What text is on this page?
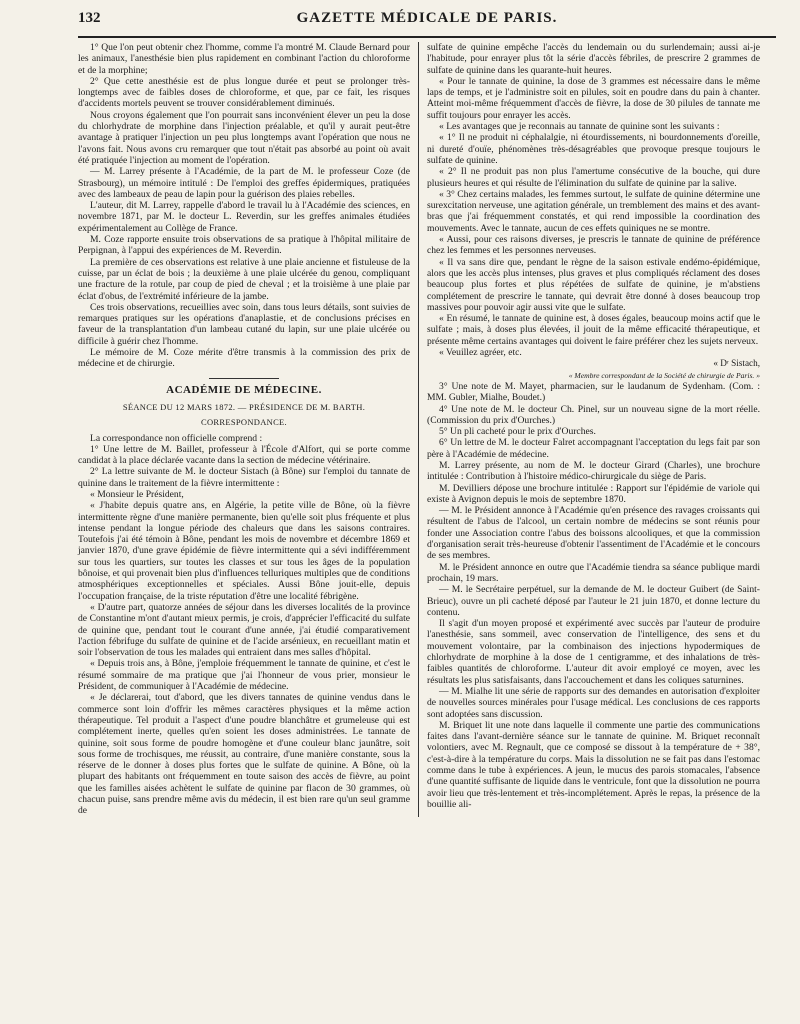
132	GAZETTE MÉDICALE DE PARIS.

1° Que l'on peut obtenir chez l'homme, comme l'a montré M. Claude Bernard pour les animaux, l'anesthésie bien plus rapidement en combinant l'action du chloroforme et de la morphine;

2° Que cette anesthésie est de plus longue durée et peut se prolonger très-longtemps avec de faibles doses de chloroforme, et que, par ce fait, les risques d'accidents mortels peuvent se trouver considérablement diminués.

Nous croyons également que l'on pourrait sans inconvénient élever un peu la dose du chlorhydrate de morphine dans l'injection préalable, et qu'il y aurait peut-être avantage à pratiquer l'injection un peu plus longtemps avant l'opération que nous ne l'avons fait. Nous avons cru remarquer que tout n'était pas absorbé au point où avait été pratiquée l'injection au moment de l'opération.

— M. Larrey présente à l'Académie, de la part de M. le professeur Coze (de Strasbourg), un mémoire intitulé : De l'emploi des greffes épidermiques, pratiquées avec des lambeaux de peau de lapin pour la guérison des plaies rebelles.

L'auteur, dit M. Larrey, rappelle d'abord le travail lu à l'Académie des sciences, en novembre 1871, par M. le docteur L. Reverdin, sur les greffes animales étudiées expérimentalement au Collège de France.

M. Coze rapporte ensuite trois observations de sa pratique à l'hôpital militaire de Perpignan, à l'appui des expériences de M. Reverdin.

La première de ces observations est relative à une plaie ancienne et fistuleuse de la cuisse, par un éclat de bois ; la deuxième à une plaie ulcérée du genou, compliquant une fracture de la rotule, par coup de pied de cheval ; et la troisième à une plaie par éclat d'obus, de l'extrémité inférieure de la jambe.

Ces trois observations, recueillies avec soin, dans tous leurs détails, sont suivies de remarques pratiques sur les opérations d'anaplastie, et de conclusions précises en faveur de la transplantation d'un lambeau cutané du lapin, sur une plaie ulcérée ou difficile à guérir chez l'homme.

Le mémoire de M. Coze mérite d'être transmis à la commission des prix de médecine et de chirurgie.

ACADÉMIE DE MÉDECINE.
SÉANCE DU 12 MARS 1872. — PRÉSIDENCE DE M. BARTH.
CORRESPONDANCE.

La correspondance non officielle comprend :

1° Une lettre de M. Baillet, professeur à l'École d'Alfort, qui se porte comme candidat à la place déclarée vacante dans la section de médecine vétérinaire.

2° La lettre suivante de M. le docteur Sistach (à Bône) sur l'emploi du tannate de quinine dans le traitement de la fièvre intermittente :

« Monsieur le Président,

« J'habite depuis quatre ans, en Algérie, la petite ville de Bône, où la fièvre intermittente règne d'une manière permanente, bien qu'elle soit plus fréquente et plus intense pendant la longue période des chaleurs que dans les saisons contraires. Toutefois j'ai été témoin à Bône, pendant les mois de novembre et décembre 1869 et janvier 1870, d'une grave épidémie de fièvre intermittente qui a sévi indifféremment sur tous les quartiers, sur toutes les classes et sur tous les âges de la population bônoise, et qui provenait bien plus d'influences telluriques multiples que de conditions atmosphériques exceptionnelles et spéciales. Aussi Bône jouit-elle, depuis l'occupation française, de la triste réputation d'être une localité fébrigène.

« D'autre part, quatorze années de séjour dans les diverses localités de la province de Constantine m'ont d'autant mieux permis, je crois, d'apprécier l'efficacité du sulfate de quinine que, pendant tout le courant d'une année, j'ai étudié comparativement l'action fébrifuge du sulfate de quinine et de l'acide arsénieux, en recueillant matin et soir l'observation de tous les malades qui entraient dans mes salles d'hôpital.

« Depuis trois ans, à Bône, j'emploie fréquemment le tannate de quinine, et c'est le résumé sommaire de ma pratique que j'ai l'honneur de vous prier, monsieur le Président, de communiquer à l'Académie de médecine.

« Je déclarerai, tout d'abord, que les divers tannates de quinine vendus dans le commerce sont loin d'offrir les mêmes caractères physiques et la même action thérapeutique. Tel produit a l'aspect d'une poudre blanchâtre et grumeleuse qui est complétement inerte, quelles qu'en soient les doses administrées. Le tannate de quinine, soit sous forme de poudre homogène et d'une couleur blanc jaunâtre, soit sous forme de trochisques, me réussit, au contraire, d'une manière constante, sous la réserve de le donner à doses plus fortes que le sulfate de quinine. A Bône, où la plupart des habitants ont fréquemment en toute saison des accès de fièvre, au point que les familles aisées achètent le sulfate de quinine par flacon de 30 grammes, où chacun puise, sans prendre même avis du médecin, il est bien rare qu'un seul gramme de

sulfate de quinine empêche l'accès du lendemain ou du surlendemain; aussi ai-je l'habitude, pour enrayer plus tôt la série d'accès fébriles, de prescrire 2 grammes de sulfate de quinine dans les quarante-huit heures.

« Pour le tannate de quinine, la dose de 3 grammes est nécessaire dans le même laps de temps, et je l'administre soit en pilules, soit en poudre dans du pain à chanter. Atteint moi-même fréquemment d'accès de fièvre, la dose de 30 pilules de tannate me suffit toujours pour enrayer les accès.

« Les avantages que je reconnais au tannate de quinine sont les suivants :

« 1° Il ne produit ni céphalalgie, ni étourdissements, ni bourdonnements d'oreille, ni dureté d'ouïe, phénomènes très-désagréables que provoque presque toujours le sulfate de quinine.

« 2° Il ne produit pas non plus l'amertume consécutive de la bouche, qui dure plusieurs heures et qui résulte de l'élimination du sulfate de quinine par la salive.

« 3° Chez certains malades, les femmes surtout, le sulfate de quinine détermine une surexcitation nerveuse, une agitation générale, un tremblement des mains et des avant-bras que j'ai fréquemment constatés, et qui rend impossible la coordination des mouvements. Avec le tannate, aucun de ces effets quiniques ne se montre.

« Aussi, pour ces raisons diverses, je prescris le tannate de quinine de préférence chez les femmes et les personnes nerveuses.

« Il va sans dire que, pendant le règne de la saison estivale endémo-épidémique, alors que les accès plus intenses, plus graves et plus compliqués réclament des doses beaucoup plus fortes et plus répétées de sulfate de quinine, je m'abstiens complétement de prescrire le tannate, qui devrait être donné à doses beaucoup trop massives pour pouvoir agir aussi vite que le sulfate.

« En résumé, le tannate de quinine est, à doses égales, beaucoup moins actif que le sulfate ; mais, à doses plus élevées, il jouit de la même efficacité thérapeutique, et présente même certains avantages qui doivent le faire préférer chez les sujets nerveux.

« Veuillez agréer, etc.

« Dʳ Sistach,

« Membre correspondant de la Société de chirurgie de Paris. »

3° Une note de M. Mayet, pharmacien, sur le laudanum de Sydenham. (Com. : MM. Gubler, Mialhe, Boudet.)

4° Une note de M. le docteur Ch. Pinel, sur un nouveau signe de la mort réelle. (Commission du prix d'Ourches.)

5° Un pli cacheté pour le prix d'Ourches.

6° Un lettre de M. le docteur Falret accompagnant l'acceptation du legs fait par son père à l'Académie de médecine.

M. Larrey présente, au nom de M. le docteur Girard (Charles), une brochure intitulée : Contribution à l'histoire médico-chirurgicale du siège de Paris.

M. Devilliers dépose une brochure intitulée : Rapport sur l'épidémie de variole qui existe à Avignon depuis le mois de septembre 1870.

— M. le Président annonce à l'Académie qu'en présence des ravages croissants qui résultent de l'abus de l'alcool, un certain nombre de médecins se sont réunis pour fonder une Association contre l'abus des boissons alcooliques, et que la commission d'organisation serait très-heureuse d'obtenir l'assentiment de l'Académie et le concours de ses membres.

M. le Président annonce en outre que l'Académie tiendra sa séance publique mardi prochain, 19 mars.

— M. le Secrétaire perpétuel, sur la demande de M. le docteur Guibert (de Saint-Brieuc), ouvre un pli cacheté déposé par l'auteur le 21 juin 1870, et donne lecture du contenu.

Il s'agit d'un moyen proposé et expérimenté avec succès par l'auteur de produire l'anesthésie, sans sommeil, avec conservation de l'intelligence, des sens et du mouvement volontaire, par la combinaison des injections hypodermiques de chlorhydrate de morphine à la dose de 1 centigramme, et des inhalations de très-faibles quantités de chloroforme. L'auteur dit avoir employé ce moyen, avec les résultats les plus satisfaisants, dans l'accouchement et dans les coliques saturnines.

— M. Mialhe lit une série de rapports sur des demandes en autorisation d'exploiter de nouvelles sources minérales pour l'usage médical. Les conclusions de ces rapports sont adoptées sans discussion.

M. Briquet lit une note dans laquelle il commente une partie des communications faites dans l'avant-dernière séance sur le tannate de quinine. M. Briquet reconnaît volontiers, avec M. Regnault, que ce composé se dissout à la température de + 38°, c'est-à-dire à la température du corps. Mais la dissolution ne se fait pas dans l'estomac comme dans le tube à expériences. A jeun, le mucus des parois stomacales, l'absence d'une quantité suffisante de liquide dans le ventricule, font que la dissolution ne pourra avoir lieu que très-lentement et très-incomplétement. Après le repas, la présence de la bouillie ali-
